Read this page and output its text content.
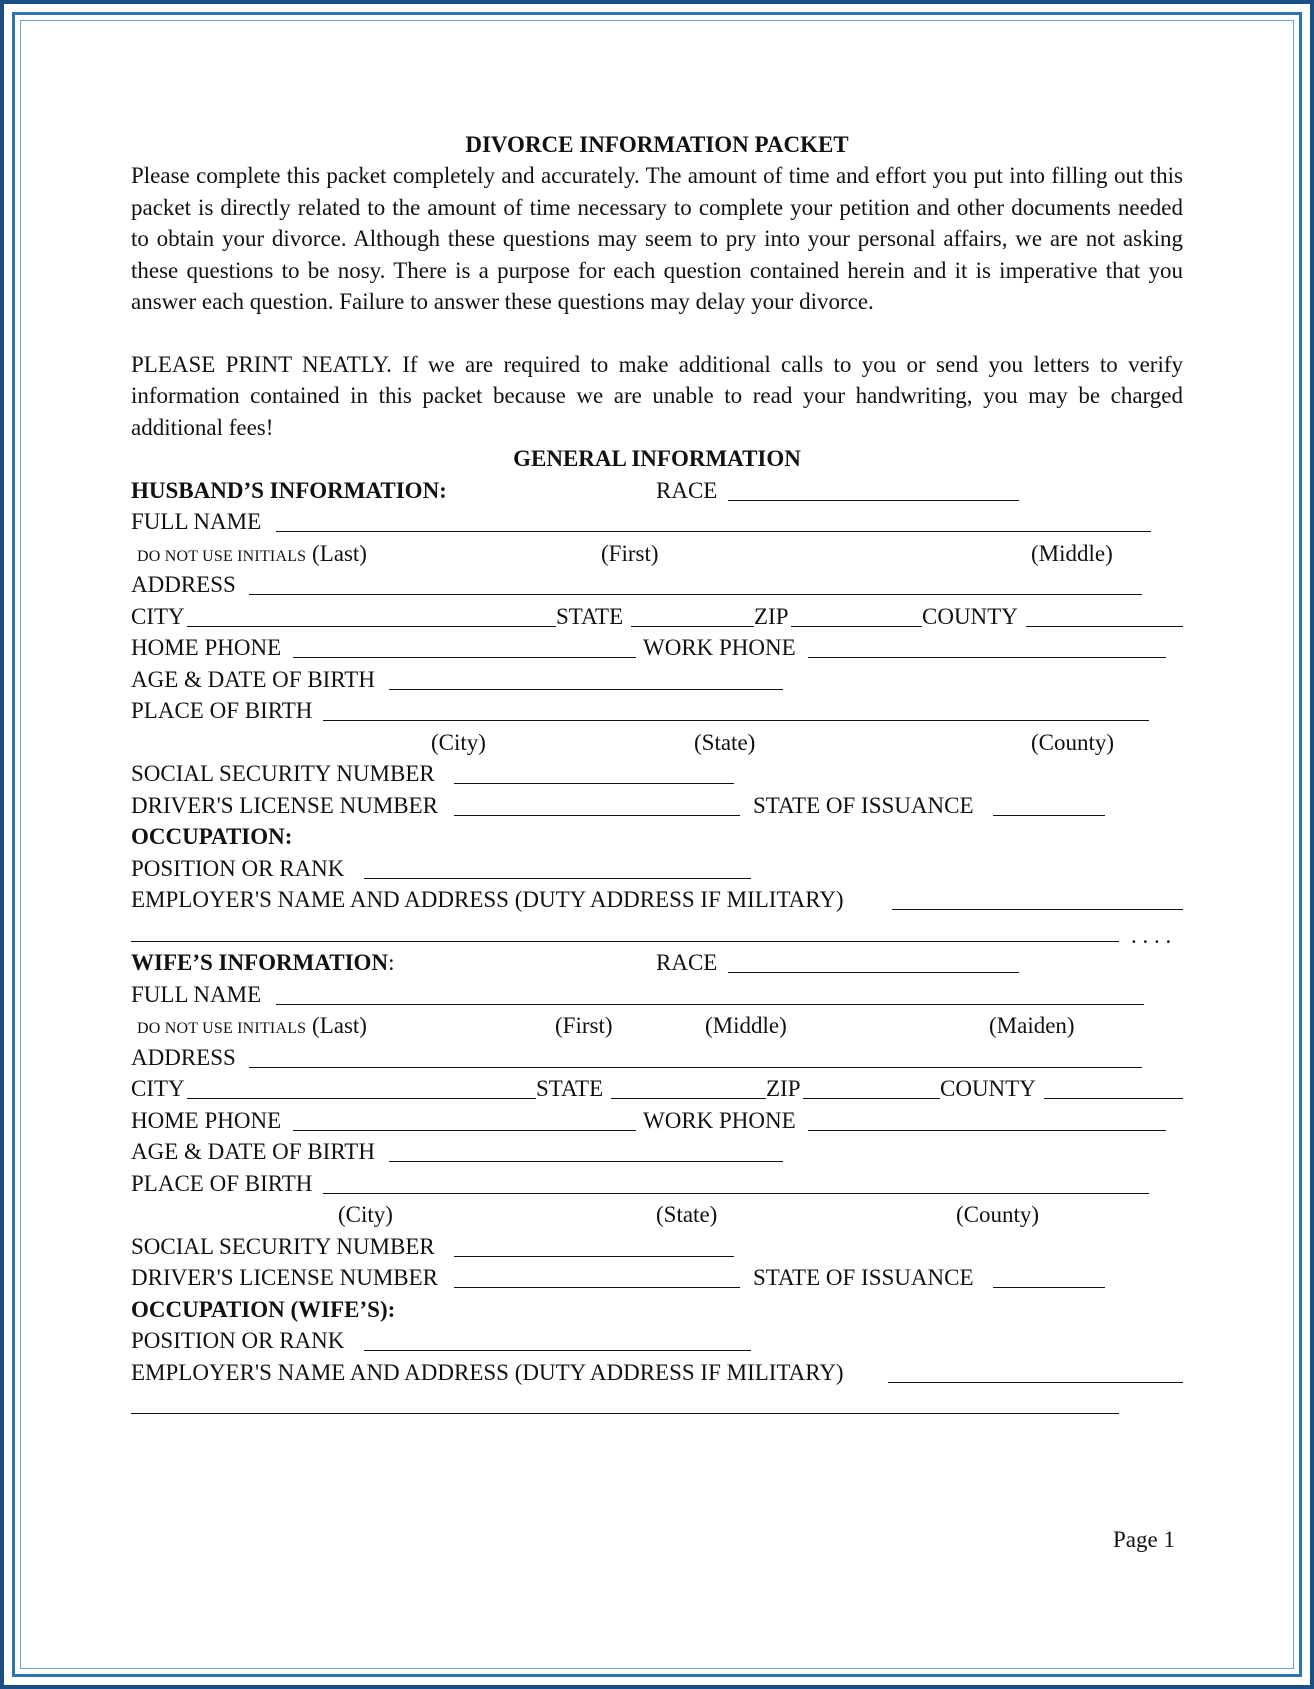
DIVORCE INFORMATION PACKET

Please complete this packet completely and accurately. The amount of time and effort you put into filling out this packet is directly related to the amount of time necessary to complete your petition and other documents needed to obtain your divorce. Although these questions may seem to pry into your personal affairs, we are not asking these questions to be nosy. There is a purpose for each question contained herein and it is imperative that you answer each question. Failure to answer these questions may delay your divorce.

PLEASE PRINT NEATLY. If we are required to make additional calls to you or send you letters to verify information contained in this packet because we are unable to read your handwriting, you may be charged additional fees!

GENERAL INFORMATION
HUSBAND’S INFORMATION:	RACE
FULL NAME
DO NOT USE INITIALS (Last)	(First)	(Middle)
ADDRESS
CITY	STATE	ZIP	COUNTY
HOME PHONE	WORK PHONE
AGE & DATE OF BIRTH
PLACE OF BIRTH
(City)	(State)	(County)
SOCIAL SECURITY NUMBER
DRIVER'S LICENSE NUMBER	STATE OF ISSUANCE
OCCUPATION:
POSITION OR RANK
EMPLOYER'S NAME AND ADDRESS (DUTY ADDRESS IF MILITARY)
. . . .
WIFE’S INFORMATION:	RACE
FULL NAME
DO NOT USE INITIALS (Last)	(First)	(Middle)	(Maiden)
ADDRESS
CITY	STATE	ZIP	COUNTY
HOME PHONE	WORK PHONE
AGE & DATE OF BIRTH
PLACE OF BIRTH
(City)	(State)	(County)
SOCIAL SECURITY NUMBER
DRIVER'S LICENSE NUMBER	STATE OF ISSUANCE
OCCUPATION (WIFE’S):
POSITION OR RANK
EMPLOYER'S NAME AND ADDRESS (DUTY ADDRESS IF MILITARY)
Page 1
